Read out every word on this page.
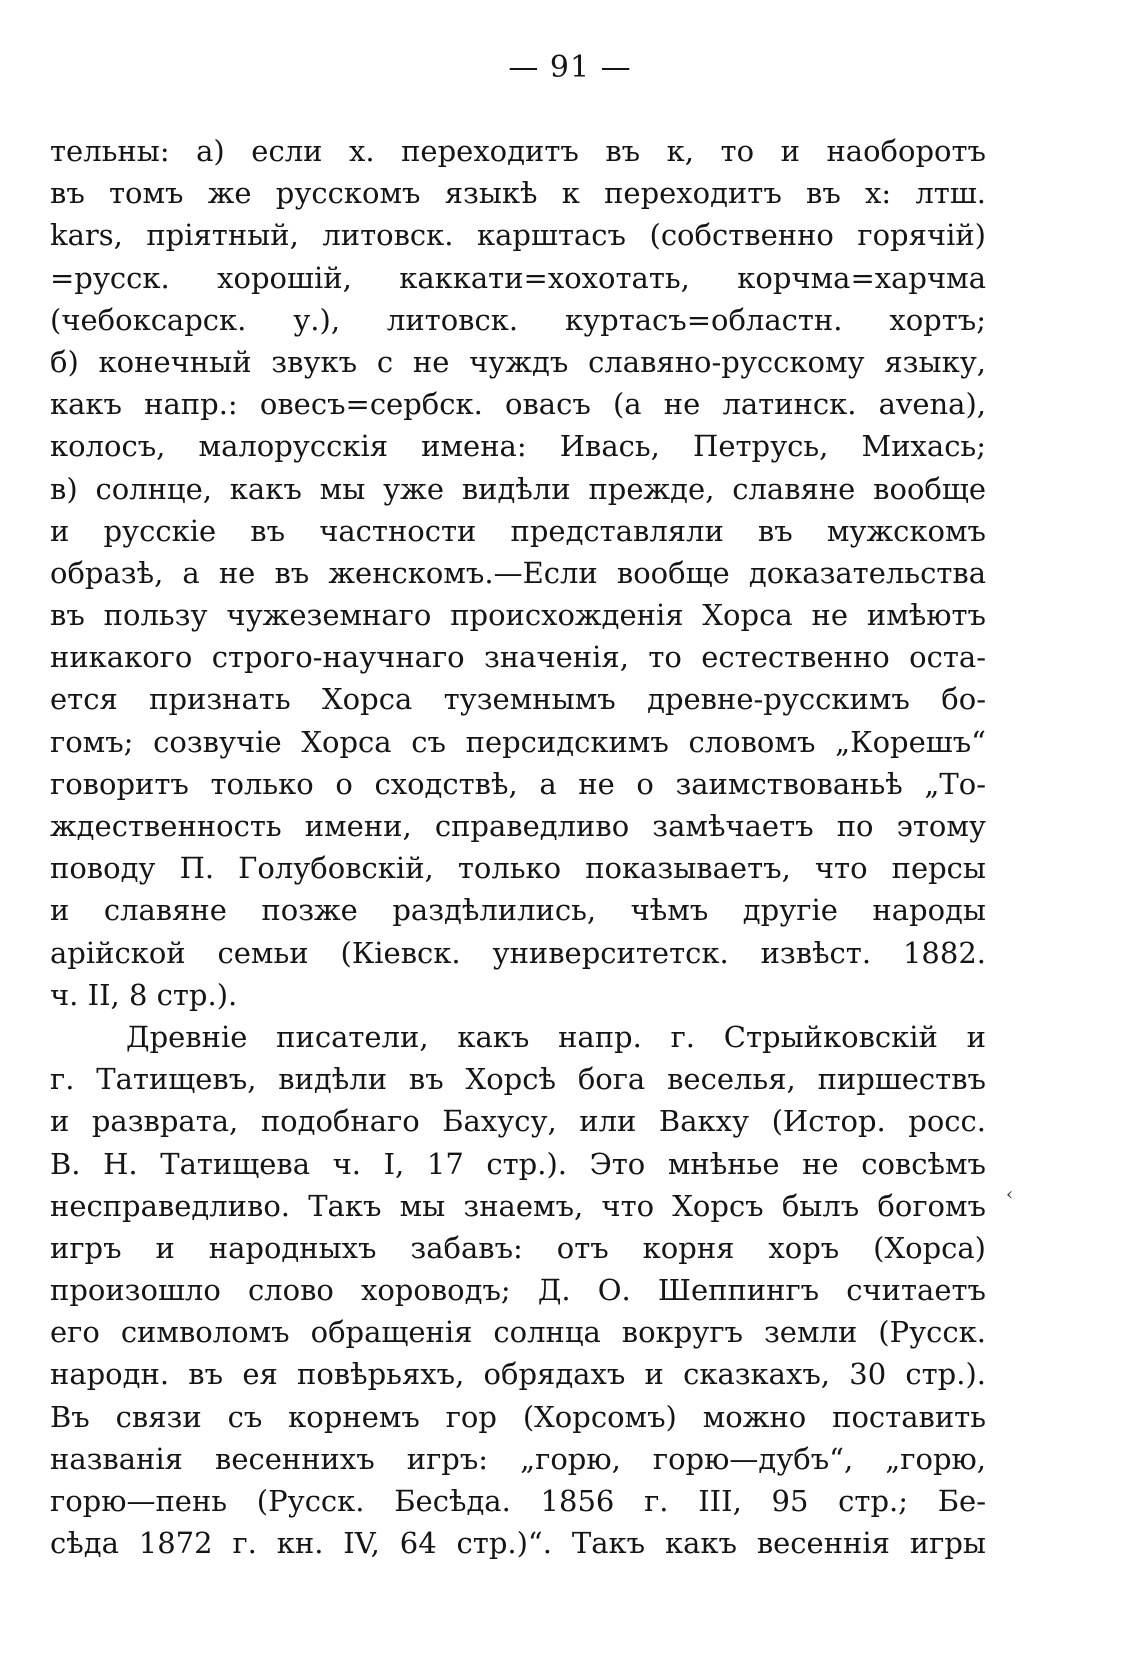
— 91 —
тельны: а) если х. переходитъ въ к, то и наоборотъ
въ томъ же русскомъ языкѣ к переходитъ въ х: лтш.
kars, пріятный, литовск. карштасъ (собственно горячій)
=русск. хорошій, каккати=хохотать, корчма=харчма
(чебоксарск. у.), литовск. куртасъ=областн. хортъ;
б) конечный звукъ с не чуждъ славяно-русскому языку,
какъ напр.: овесъ=сербск. овасъ (а не латинск. avena),
колосъ, малорусскія имена: Ивась, Петрусь, Михась;
в) солнце, какъ мы уже видѣли прежде, славяне вообще
и русскіе въ частности представляли въ мужскомъ
образѣ, а не въ женскомъ.—Если вообще доказательства
въ пользу чужеземнаго происхожденія Хорса не имѣютъ
никакого строго-научнаго значенія, то естественно оста-
ется признать Хорса туземнымъ древне-русскимъ бо-
гомъ; созвучіе Хорса съ персидскимъ словомъ „Корешъ“
говоритъ только о сходствѣ, а не о заимствованьѣ „То-
ждественность имени, справедливо замѣчаетъ по этому
поводу П. Голубовскій, только показываетъ, что персы
и славяне позже раздѣлились, чѣмъ другіе народы
арійской семьи (Кіевск. университетск. извѣст. 1882.
ч. II, 8 стр.).
Древніе писатели, какъ напр. г. Стрыйковскій и
г. Татищевъ, видѣли въ Хорсѣ бога веселья, пиршествъ
и разврата, подобнаго Бахусу, или Вакху (Истор. росс.
В. Н. Татищева ч. I, 17 стр.). Это мнѣнье не совсѣмъ
несправедливо. Такъ мы знаемъ, что Хорсъ былъ богомъ
игръ и народныхъ забавъ: отъ корня хоръ (Хорса)
произошло слово хороводъ; Д. О. Шеппингъ считаетъ
его символомъ обращенія солнца вокругъ земли (Русск.
народн. въ ея повѣрьяхъ, обрядахъ и сказкахъ, 30 стр.).
Въ связи съ корнемъ гор (Хорсомъ) можно поставить
названія весеннихъ игръ: „горю, горю—дубъ“, „горю,
горю—пень (Русск. Бесѣда. 1856 г. III, 95 стр.; Бе-
сѣда 1872 г. кн. IV, 64 стр.)“. Такъ какъ весеннія игры
‹
